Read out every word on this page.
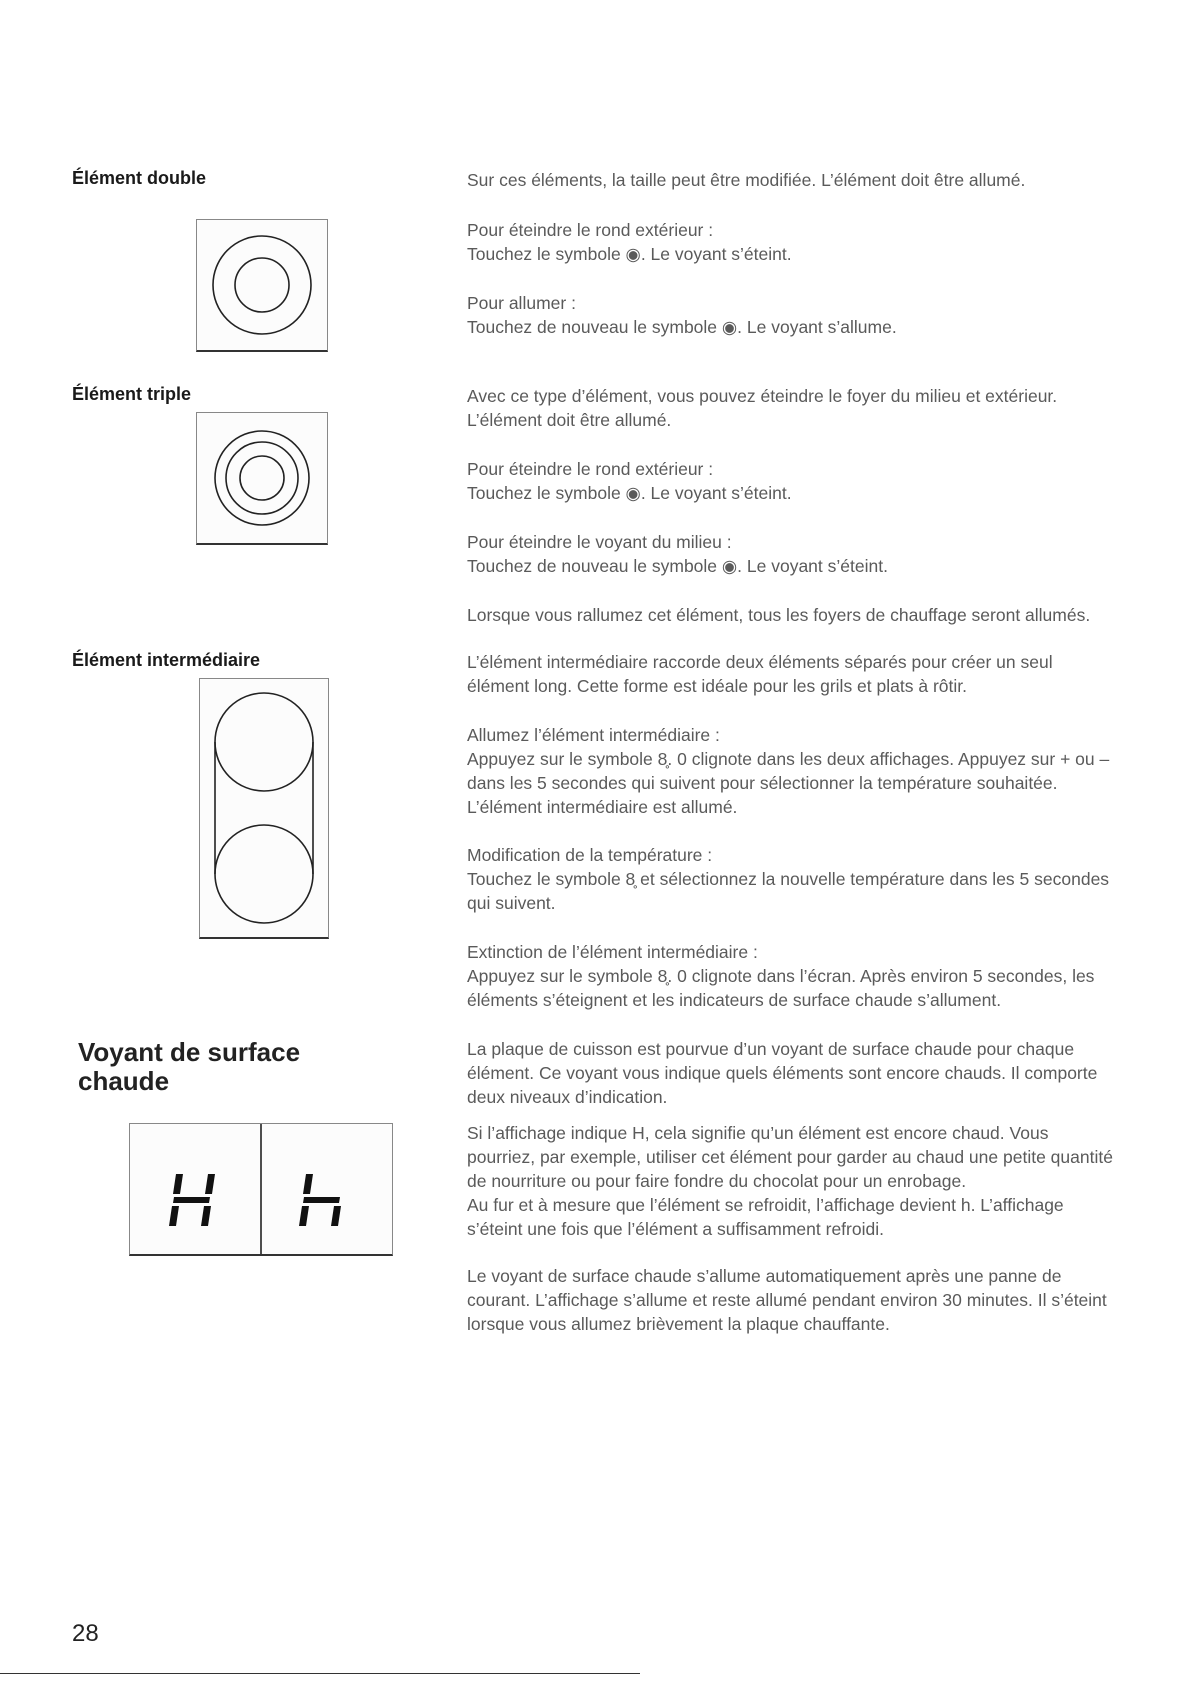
Élément double	Sur ces éléments, la taille peut être modifiée. L’élément doit être allumé.

Pour éteindre le rond extérieur :
Touchez le symbole ◉. Le voyant s’éteint.

Pour allumer :
Touchez de nouveau le symbole ◉. Le voyant s’allume.

Élément triple	Avec ce type d’élément, vous pouvez éteindre le foyer du milieu et extérieur.
L’élément doit être allumé.

Pour éteindre le rond extérieur :
Touchez le symbole ◉. Le voyant s’éteint.

Pour éteindre le voyant du milieu :
Touchez de nouveau le symbole ◉. Le voyant s’éteint.

Lorsque vous rallumez cet élément, tous les foyers de chauffage seront allumés.

Élément intermédiaire	L’élément intermédiaire raccorde deux éléments séparés pour créer un seul
élément long. Cette forme est idéale pour les grils et plats à rôtir.

Allumez l’élément intermédiaire :
Appuyez sur le symbole 8̥. 0 clignote dans les deux affichages. Appuyez sur + ou –
dans les 5 secondes qui suivent pour sélectionner la température souhaitée.
L’élément intermédiaire est allumé.

Modification de la température :
Touchez le symbole 8̥ et sélectionnez la nouvelle température dans les 5 secondes
qui suivent.

Extinction de l’élément intermédiaire :
Appuyez sur le symbole 8̥. 0 clignote dans l’écran. Après environ 5 secondes, les
éléments s’éteignent et les indicateurs de surface chaude s’allument.

Voyant de surface
chaude

La plaque de cuisson est pourvue d’un voyant de surface chaude pour chaque
élément. Ce voyant vous indique quels éléments sont encore chauds. Il comporte
deux niveaux d’indication.

Si l’affichage indique H, cela signifie qu’un élément est encore chaud. Vous
pourriez, par exemple, utiliser cet élément pour garder au chaud une petite quantité
de nourriture ou pour faire fondre du chocolat pour un enrobage.
Au fur et à mesure que l’élément se refroidit, l’affichage devient h. L’affichage
s’éteint une fois que l’élément a suffisamment refroidi.

Le voyant de surface chaude s’allume automatiquement après une panne de
courant. L’affichage s’allume et reste allumé pendant environ 30 minutes. Il s’éteint
lorsque vous allumez brièvement la plaque chauffante.

28
